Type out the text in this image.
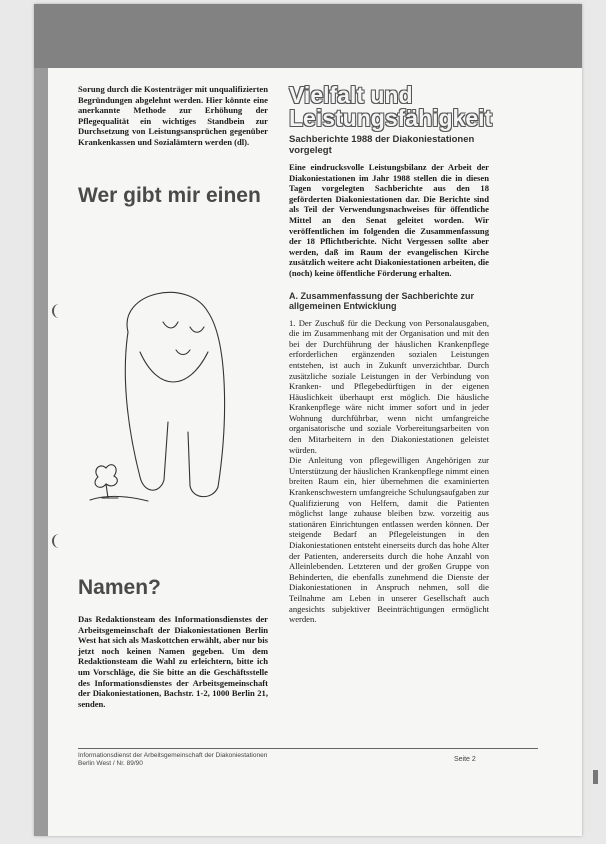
Sorung durch die Kostenträger mit unqualifizierten Begründungen abgelehnt werden. Hier könnte eine anerkannte Methode zur Erhöhung der Pflegequalität ein wichtiges Standbein zur Durchsetzung von Leistungsansprüchen gegenüber Krankenkassen und Sozialämtern werden (dl).

Wer gibt mir einen
Namen?

Das Redaktionsteam des Informationsdienstes der Arbeitsgemeinschaft der Diakoniestationen Berlin West hat sich als Maskottchen erwählt, aber nur bis jetzt noch keinen Namen gegeben. Um dem Redaktionsteam die Wahl zu erleichtern, bitte ich um Vorschläge, die Sie bitte an die Geschäftsstelle des Informationsdienstes der Arbeitsgemeinschaft der Diakoniestationen, Bachstr. 1-2, 1000 Berlin 21, senden.

Vielfalt und
Leistungsfähigkeit
Sachberichte 1988 der Diakoniestationen vorgelegt

Eine eindrucksvolle Leistungsbilanz der Arbeit der Diakoniestationen im Jahr 1988 stellen die in diesen Tagen vorgelegten Sachberichte aus den 18 geförderten Diakoniestationen dar. Die Berichte sind als Teil der Verwendungsnachweises für öffentliche Mittel an den Senat geleitet worden. Wir veröffentlichen im folgenden die Zusammenfassung der 18 Pflichtberichte. Nicht Vergessen sollte aber werden, daß im Raum der evangelischen Kirche zusätzlich weitere acht Diakoniestationen arbeiten, die (noch) keine öffentliche Förderung erhalten.

A. Zusammenfassung der Sachberichte zur allgemeinen Entwicklung

1. Der Zuschuß für die Deckung von Personalausgaben, die im Zusammenhang mit der Organisation und mit den bei der Durchführung der häuslichen Krankenpflege erforderlichen ergänzenden sozialen Leistungen entstehen, ist auch in Zukunft unverzichtbar. Durch zusätzliche soziale Leistungen in der Verbindung von Kranken- und Pflegebedürftigen in der eigenen Häuslichkeit überhaupt erst möglich. Die häusliche Krankenpflege wäre nicht immer sofort und in jeder Wohnung durchführbar, wenn nicht umfangreiche organisatorische und soziale Vorbereitungsarbeiten von den Mitarbeitern in den Diakoniestationen geleistet würden.

Die Anleitung von pflegewilligen Angehörigen zur Unterstützung der häuslichen Krankenpflege nimmt einen breiten Raum ein, hier übernehmen die examinierten Krankenschwestern umfangreiche Schulungsaufgaben zur Qualifizierung von Helfern, damit die Patienten möglichst lange zuhause bleiben bzw. vorzeitig aus stationären Einrichtungen entlassen werden können. Der steigende Bedarf an Pflegeleistungen in den Diakoniestationen entsteht einerseits durch das hohe Alter der Patienten, andererseits durch die hohe Anzahl von Alleinlebenden. Letzteren und der großen Gruppe von Behinderten, die ebenfalls zunehmend die Dienste der Diakoniestationen in Anspruch nehmen, soll die Teilnahme am Leben in unserer Gesellschaft auch angesichts subjektiver Beeinträchtigungen ermöglicht werden.

Informationsdienst der Arbeitsgemeinschaft der Diakoniestationen Berlin West / Nr. 89/90
Seite 2
